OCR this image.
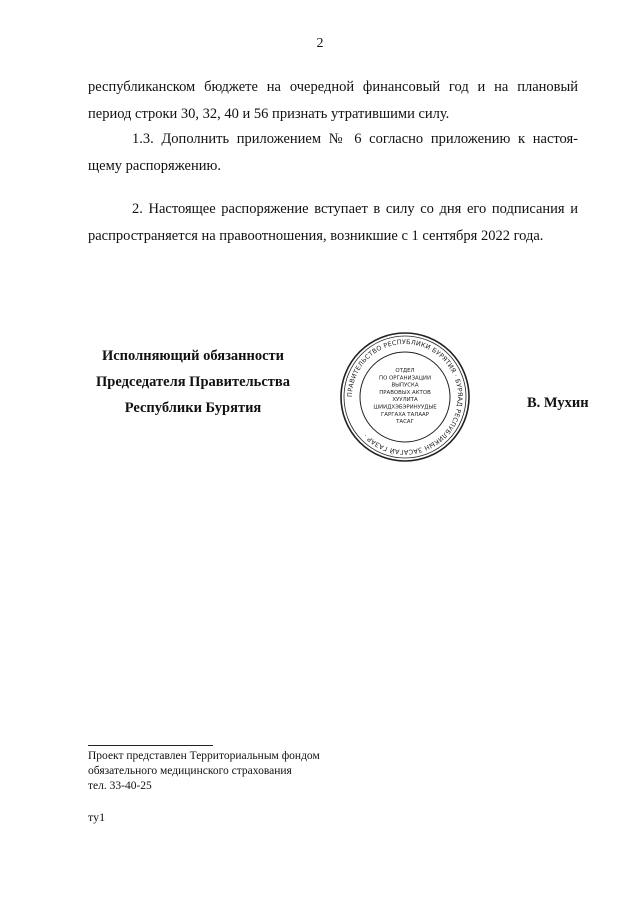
2

республиканском бюджете на очередной финансовый год и на плановый
период строки 30, 32, 40 и 56 признать утратившими силу.

1.3. Дополнить приложением № 6 согласно приложению к настоя-
щему распоряжению.

2. Настоящее распоряжение вступает в силу со дня его подписания и
распространяется на правоотношения, возникшие с 1 сентября 2022 года.

Исполняющий обязанности
Председателя Правительства
Республики Бурятия
ПРАВИТЕЛЬСТВО РЕСПУБЛИКИ БУРЯТИЯ · БУРЯАД РЕСПУБЛИКЫН ЗАСАГАЙ ГАЗАР ·
ОТДЕЛ
ПО ОРГАНИЗАЦИИ
ВЫПУСКА
ПРАВОВЫХ АКТОВ
ХУУЛИТА
ШИИДХЭБЭРИНУУДЫЕ
ГАРГАХА ТАЛААР
ТАСАГ
В. Мухин
Проект представлен Территориальным фондом
обязательного медицинского страхования
тел. 33-40-25
ту1
